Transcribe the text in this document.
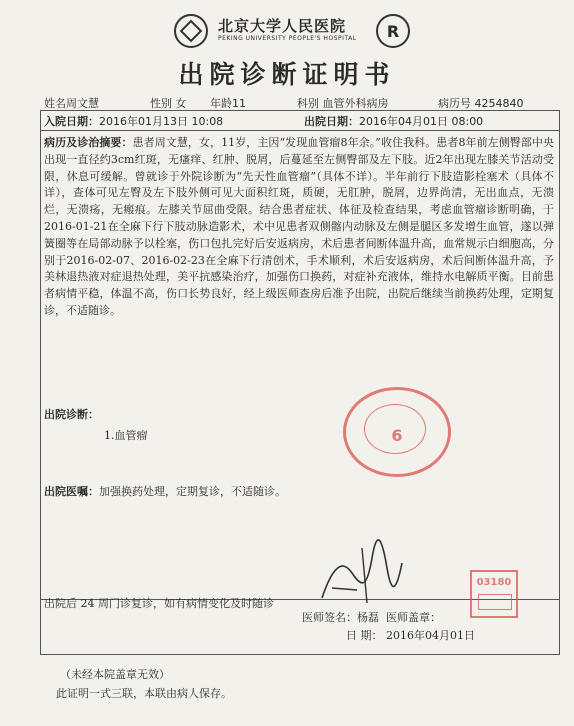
北京大学人民医院
PEKING UNIVERSITY PEOPLE'S HOSPITAL	R
出院诊断证明书
姓名周文慧	性别 女 年龄11	科别 血管外科病房	病历号 4254840
入院日期：2016年01月13日 10:08	出院日期：2016年04月01日 08:00
病历及诊治摘要：患者周文慧，女，11岁，主因“发现血管瘤8年余。”收住我科。患者8年前左侧臀部中央出现一直径约3cm红斑，无瘙痒、红肿、脱屑，后蔓延至左侧臀部及左下肢。近2年出现左膝关节活动受限，休息可缓解。曾就诊于外院诊断为“先天性血管瘤”（具体不详）。半年前行下肢造影栓塞术（具体不详），查体可见左臀及左下肢外侧可见大面积红斑，质硬，无肛肿，脱屑，边界尚清，无出血点，无溃烂，无溃疡，无瘢痕。左膝关节屈曲受限。结合患者症状、体征及检查结果，考虑血管瘤诊断明确，于2016-01-21在全麻下行下肢动脉造影术，术中见患者双侧髂内动脉及左侧是腿区多发增生血管，遂以弹簧圈等在局部动脉予以栓塞，伤口包扎完好后安返病房，术后患者间断体温升高，血常规示白细胞高，分别于2016-02-07、2016-02-23在全麻下行清创术，手术顺利，术后安返病房，术后间断体温升高，予美林退热液对症退热处理，美平抗感染治疗，加强伤口换药，对症补充液体，维持水电解质平衡。目前患者病情平稳，体温不高，伤口长势良好，经上级医师查房后准予出院，出院后继续当前换药处理，定期复诊，不适随诊。
出院诊断：
1.血管瘤
出院医嘱：加强换药处理，定期复诊，不适随诊。
6
03180
出院后 24 周门诊复诊，如有病情变化及时随诊
医师签名：杨磊 医师盖章：
日 期： 2016年04月01日
（未经本院盖章无效）
此证明一式三联，本联由病人保存。
